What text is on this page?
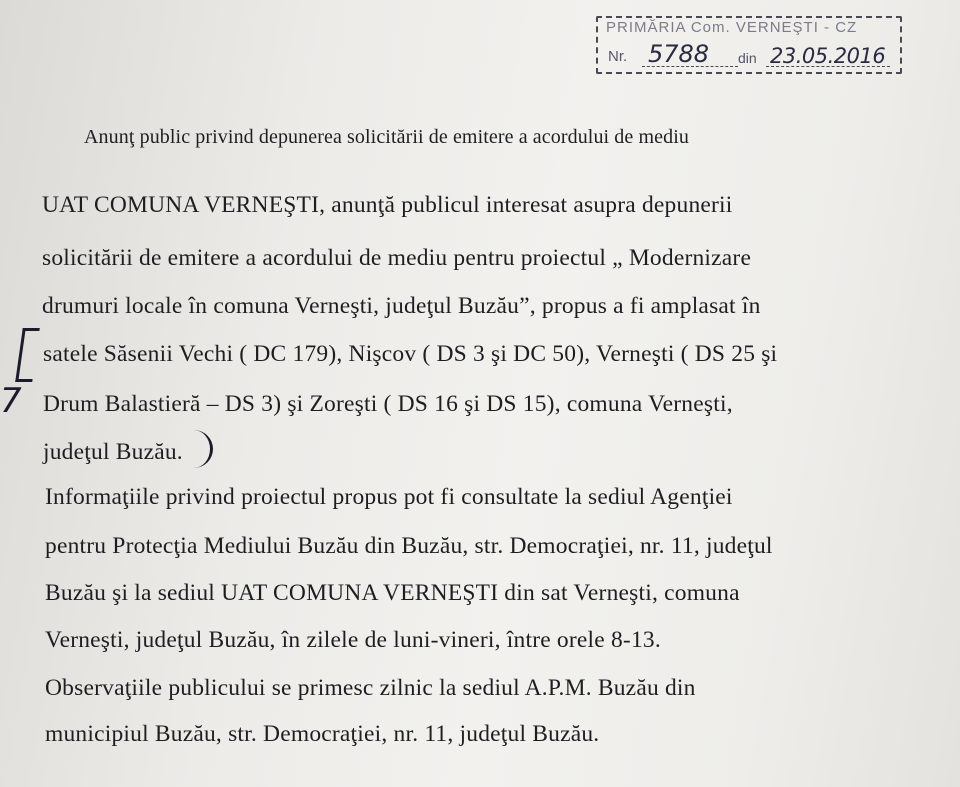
PRIMĂRIA Com. VERNEŞTI - CZ
Nr. 5788 din 23.05.2016
Anunţ public privind depunerea solicitării de emitere a acordului de mediu
UAT COMUNA VERNEŞTI, anunţă publicul interesat asupra depunerii
solicitării de emitere a acordului de mediu pentru proiectul „ Modernizare
drumuri locale în comuna Verneşti, judeţul Buzău”, propus a fi amplasat în
satele Săsenii Vechi ( DC 179), Nişcov ( DS 3 şi DC 50), Verneşti ( DS 25 şi
Drum Balastieră – DS 3) şi Zoreşti ( DS 16 şi DS 15), comuna Verneşti,
judeţul Buzău.
Informaţiile privind proiectul propus pot fi consultate la sediul Agenţiei
pentru Protecţia Mediului Buzău din Buzău, str. Democraţiei, nr. 11, judeţul
Buzău şi la sediul UAT COMUNA VERNEŞTI din sat Verneşti, comuna
Verneşti, judeţul Buzău, în zilele de luni-vineri, între orele 8-13.
Observaţiile publicului se primesc zilnic la sediul A.P.M. Buzău din
municipiul Buzău, str. Democraţiei, nr. 11, judeţul Buzău.
7
